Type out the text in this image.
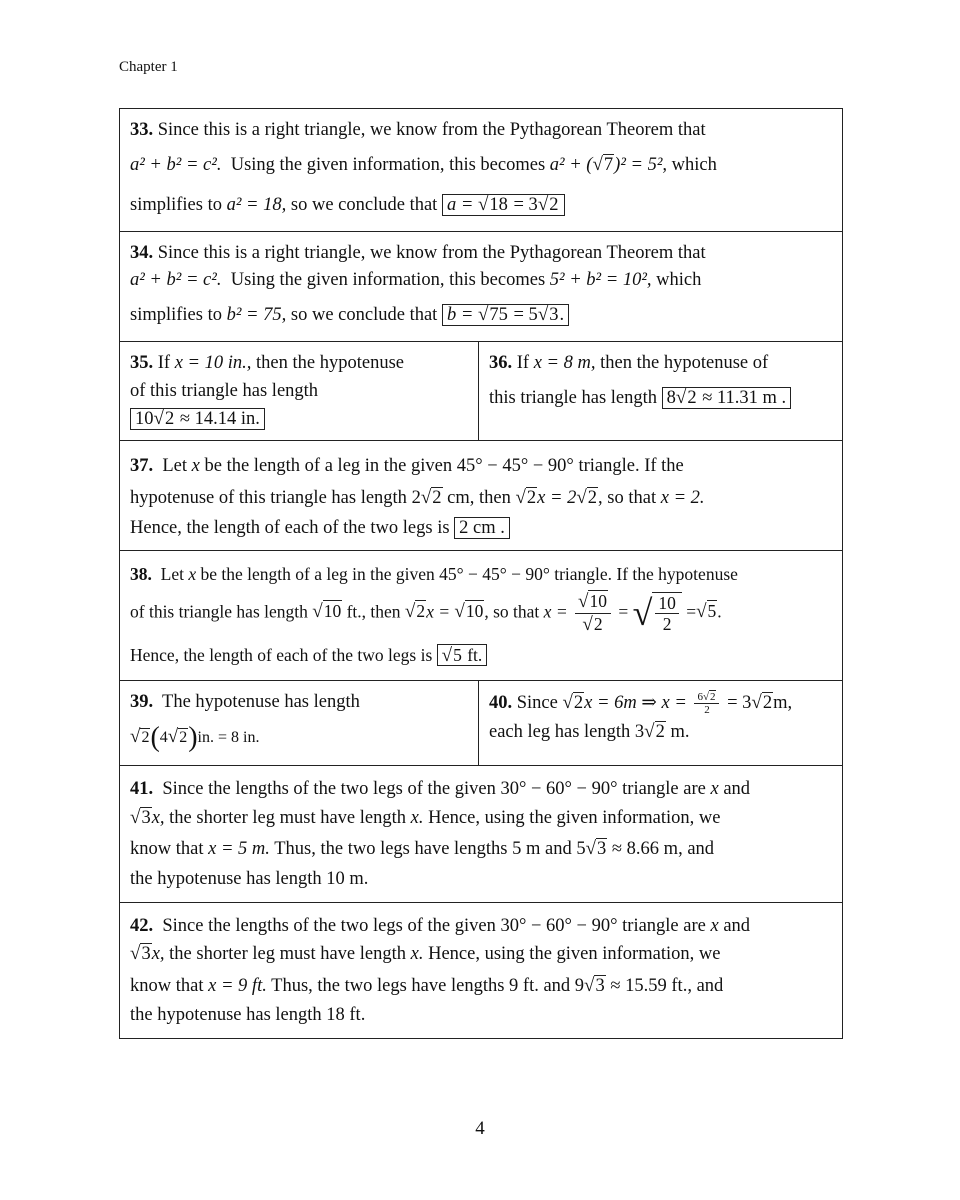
Chapter 1
33. Since this is a right triangle, we know from the Pythagorean Theorem that
a² + b² = c². Using the given information, this becomes a² + (√7)² = 5², which
simplifies to a² = 18, so we conclude that a = √18 = 3√2
34. Since this is a right triangle, we know from the Pythagorean Theorem that
a² + b² = c². Using the given information, this becomes 5² + b² = 10², which
simplifies to b² = 75, so we conclude that b = √75 = 5√3.
35. If x = 10 in., then the hypotenuse
of this triangle has length
10√2 ≈ 14.14 in.
36. If x = 8 m, then the hypotenuse of
this triangle has length 8√2 ≈ 11.31 m .
37. Let x be the length of a leg in the given 45° − 45° − 90° triangle. If the
hypotenuse of this triangle has length 2√2 cm, then √2x = 2√2, so that x = 2.
Hence, the length of each of the two legs is 2 cm .
38. Let x be the length of a leg in the given 45° − 45° − 90° triangle. If the hypotenuse
of this triangle has length √10 ft., then √2x = √10, so that $x = \frac{√10}{√2}$ = √ $\frac{10}{2} =√5$.
Hence, the length of each of the two legs is √5 ft.
39. The hypotenuse has length
√2(4√2)in. = 8 in.
40. Since √2x = 6m ⇒ $x = \frac{6√2}{2} = 3√2m$,
each leg has length 3√2 m.
41. Since the lengths of the two legs of the given 30° − 60° − 90° triangle are x and
√3x, the shorter leg must have length x. Hence, using the given information, we
know that x = 5 m. Thus, the two legs have lengths 5 m and 5√3 ≈ 8.66 m, and
the hypotenuse has length 10 m.
42. Since the lengths of the two legs of the given 30° − 60° − 90° triangle are x and
√3x, the shorter leg must have length x. Hence, using the given information, we
know that x = 9 ft. Thus, the two legs have lengths 9 ft. and 9√3 ≈ 15.59 ft., and
the hypotenuse has length 18 ft.
4
